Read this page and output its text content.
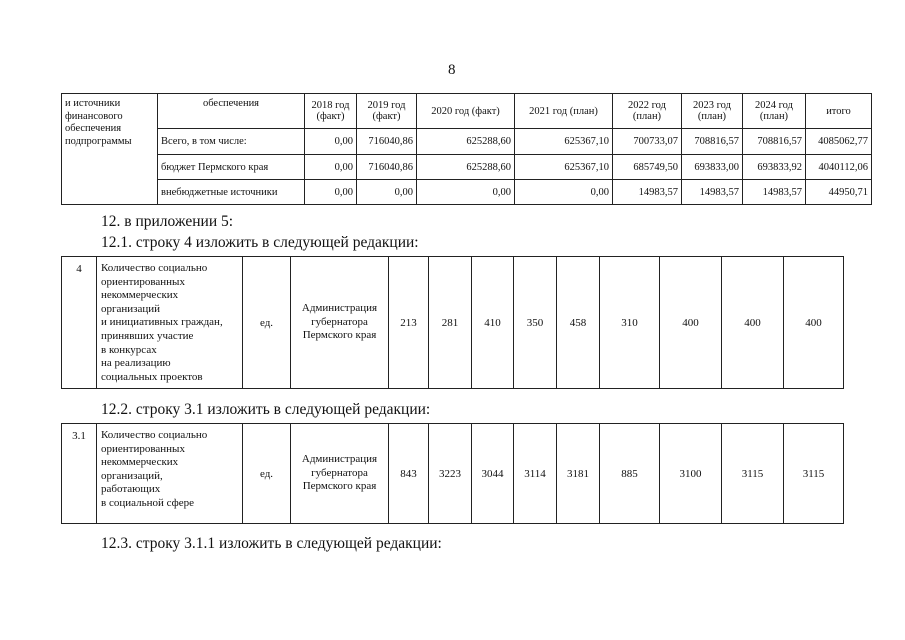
8
и источники финансового обеспечения подпрограммы	обеспечения	2018 год (факт)	2019 год (факт)	2020 год (факт)	2021 год (план)	2022 год (план)	2023 год (план)	2024 год (план)	итого
	Всего, в том числе:	0,00	716040,86	625288,60	625367,10	700733,07	708816,57	708816,57	4085062,77
	бюджет Пермского края	0,00	716040,86	625288,60	625367,10	685749,50	693833,00	693833,92	4040112,06
	внебюджетные источники	0,00	0,00	0,00	0,00	14983,57	14983,57	14983,57	44950,71
12. в приложении 5:
12.1. строку 4 изложить в следующей редакции:
4	Количество социально
ориентированных
некоммерческих
организаций
и инициативных граждан,
принявших участие
в конкурсах
на реализацию
социальных проектов	ед.	Администрация
губернатора
Пермского края	213	281	410	350	458	310	400	400	400
12.2. строку 3.1 изложить в следующей редакции:
3.1	Количество социально
ориентированных
некоммерческих
организаций,
работающих
в социальной сфере	ед.	Администрация
губернатора
Пермского края	843	3223	3044	3114	3181	885	3100	3115	3115
12.3. строку 3.1.1 изложить в следующей редакции:
